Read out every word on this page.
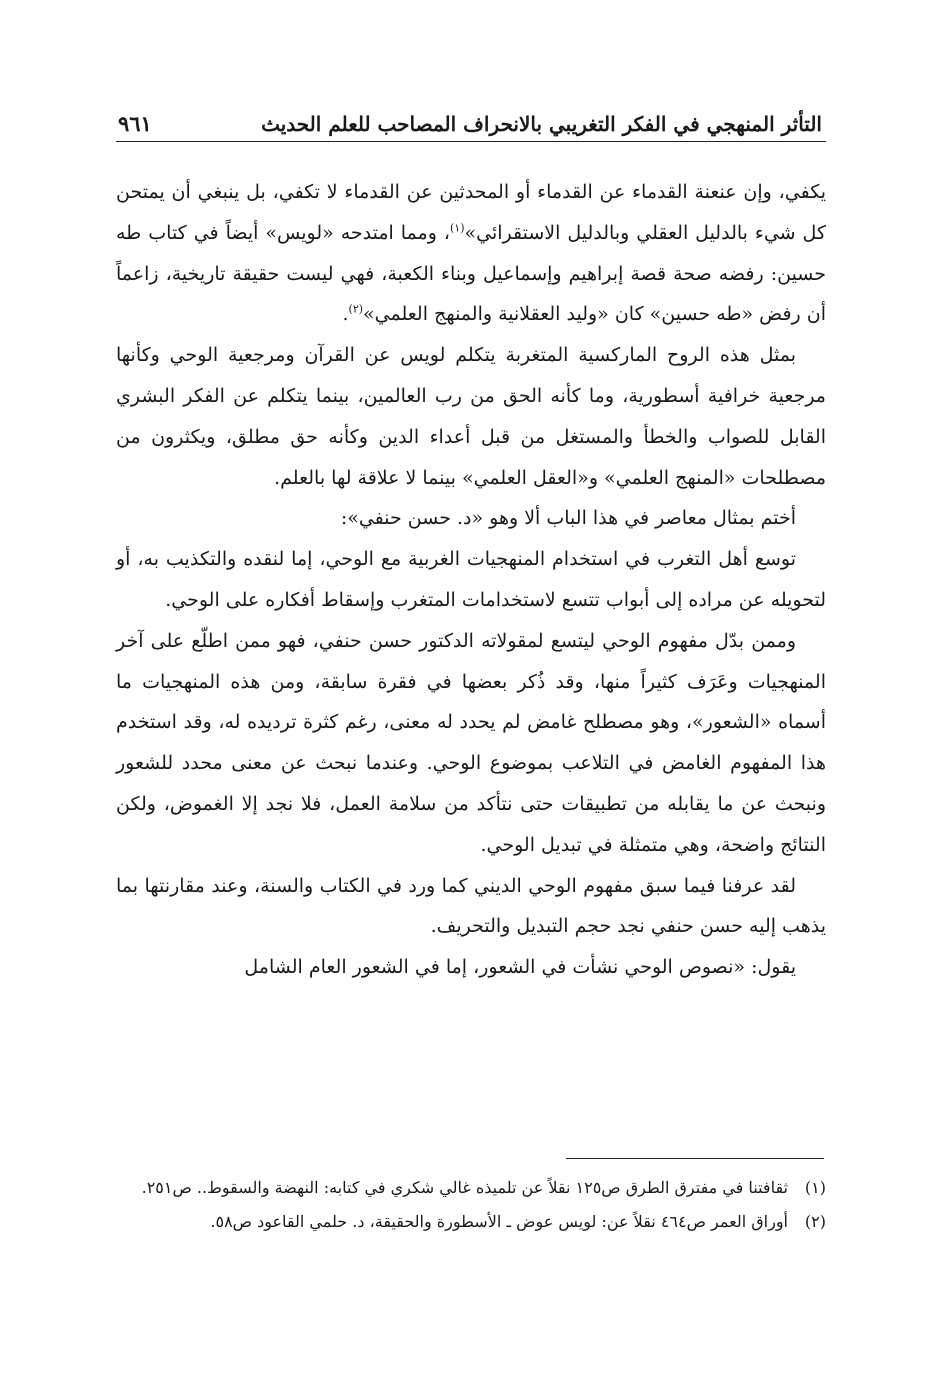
التأثر المنهجي في الفكر التغريبي بالانحراف المصاحب للعلم الحديث
٩٦١

يكفي، وإن عنعنة القدماء عن القدماء أو المحدثين عن القدماء لا تكفي، بل ينبغي أن يمتحن كل شيء بالدليل العقلي وبالدليل الاستقرائي»$^{(١)}$، ومما امتدحه «لويس» أيضاً في كتاب طه حسين: رفضه صحة قصة إبراهيم وإسماعيل وبناء الكعبة، فهي ليست حقيقة تاريخية، زاعماً أن رفض «طه حسين» كان «وليد العقلانية والمنهج العلمي»$^{(٢)}$.

بمثل هذه الروح الماركسية المتغربة يتكلم لويس عن القرآن ومرجعية الوحي وكأنها مرجعية خرافية أسطورية، وما كأنه الحق من رب العالمين، بينما يتكلم عن الفكر البشري القابل للصواب والخطأ والمستغل من قبل أعداء الدين وكأنه حق مطلق، ويكثرون من مصطلحات «المنهج العلمي» و«العقل العلمي» بينما لا علاقة لها بالعلم.

أختم بمثال معاصر في هذا الباب ألا وهو «د. حسن حنفي»:

توسع أهل التغرب في استخدام المنهجيات الغربية مع الوحي، إما لنقده والتكذيب به، أو لتحويله عن مراده إلى أبواب تتسع لاستخدامات المتغرب وإسقاط أفكاره على الوحي.

وممن بدّل مفهوم الوحي ليتسع لمقولاته الدكتور حسن حنفي، فهو ممن اطلّع على آخر المنهجيات وعَرَف كثيراً منها، وقد ذُكر بعضها في فقرة سابقة، ومن هذه المنهجيات ما أسماه «الشعور»، وهو مصطلح غامض لم يحدد له معنى، رغم كثرة ترديده له، وقد استخدم هذا المفهوم الغامض في التلاعب بموضوع الوحي. وعندما نبحث عن معنى محدد للشعور ونبحث عن ما يقابله من تطبيقات حتى نتأكد من سلامة العمل، فلا نجد إلا الغموض، ولكن النتائج واضحة، وهي متمثلة في تبديل الوحي.

لقد عرفنا فيما سبق مفهوم الوحي الديني كما ورد في الكتاب والسنة، وعند مقارنتها بما يذهب إليه حسن حنفي نجد حجم التبديل والتحريف.

يقول: «نصوص الوحي نشأت في الشعور، إما في الشعور العام الشامل

(١)
ثقافتنا في مفترق الطرق ص١٢٥ نقلاً عن تلميذه غالي شكري في كتابه: النهضة والسقوط.. ص٢٥١.
(٢)
أوراق العمر ص٤٦٤ نقلاً عن: لويس عوض ـ الأسطورة والحقيقة، د. حلمي القاعود ص٥٨.
